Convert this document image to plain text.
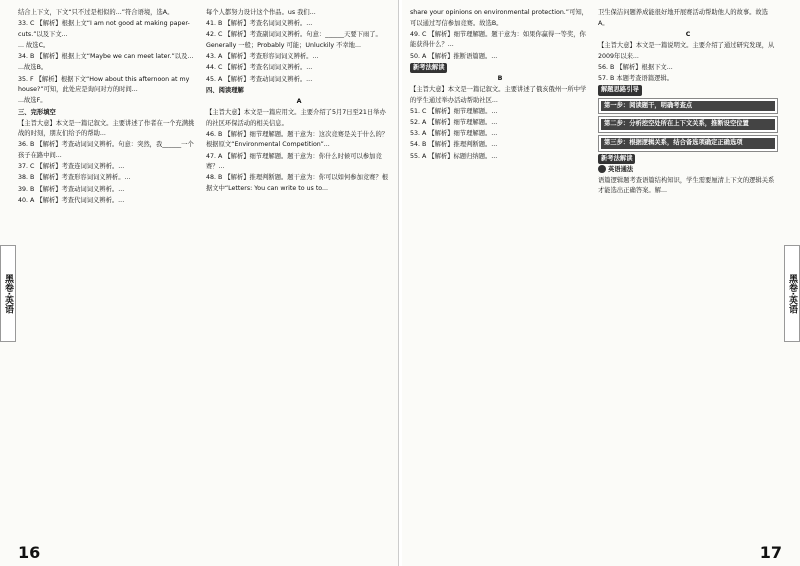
结合上下文，下文“只不过是相似的...”符合语境，选A。

33. C 【解析】根据上文“I am not good at making paper-cuts.”以及下文...

... 故选C。

34. B 【解析】根据上文“Maybe we can meet later.”以及...

...故选B。

35. F 【解析】根据下文“How about this afternoon at my house?”可知，此处应是询问对方的时间...

...故选F。

三、完形填空

【主旨大意】本文是一篇记叙文。主要讲述了作者在一个充满挑战的时刻，朋友们给予的帮助...

36. B 【解析】考查动词词义辨析。句意：突然，我______一个孩子在路中间...

37. C 【解析】考查连词词义辨析。...

38. B 【解析】考查形容词词义辨析。...

39. B 【解析】考查动词词义辨析。...

40. A 【解析】考查代词词义辨析。...

每个人都努力设计这个作品。us 我们...

41. B 【解析】考查名词词义辨析。...

42. C 【解析】考查副词词义辨析。句意：______天要下雨了。Generally 一般；Probably 可能；Unluckily 不幸地...

43. A 【解析】考查形容词词义辨析。...

44. C 【解析】考查名词词义辨析。...

45. A 【解析】考查动词词义辨析。...

四、阅读理解

A

【主旨大意】本文是一篇应用文。主要介绍了5月7日至21日举办的社区环保活动的相关信息。

46. B 【解析】细节理解题。题干意为：这次竞赛是关于什么的？根据原文“Environmental Competition”...

47. A 【解析】细节理解题。题干意为：你什么时候可以参加竞赛？...

48. B 【解析】推理判断题。题干意为：你可以如何参加竞赛？根据文中“Letters: You can write to us to...

黑卷·英语
16

share your opinions on environmental protection.”可知，可以通过写信参加竞赛。故选B。

49. C 【解析】细节理解题。题干意为：如果你赢得一等奖，你能获得什么？...

50. A 【解析】推断语篇题。...

新考法解读

B

【主旨大意】本文是一篇记叙文。主要讲述了俄亥俄州一所中学的学生通过举办活动帮助社区...

51. C 【解析】细节理解题。...

52. A 【解析】细节理解题。...

53. A 【解析】细节理解题。...

54. B 【解析】推理判断题。...

55. A 【解析】标题归纳题。...

卫生保洁问题养成能很好地开展赛活动帮助他人的故事。故选A。

C

【主旨大意】本文是一篇说明文。主要介绍了通过研究发现，从2009年以来...

56. B 【解析】根据下文...

57. B 本题考查语篇逻辑。

解题思路引导

第一步：阅读题干，明确考查点
第二步：分析挖空处所在上下文关系，推断设空位置
第三步：根据逻辑关系，结合备选项确定正确选项

新考法解读

英语通法

语篇逻辑题考查语篇结构知识，学生需要厘清上下文的逻辑关系才能选出正确答案。解...

黑卷·英语
17
